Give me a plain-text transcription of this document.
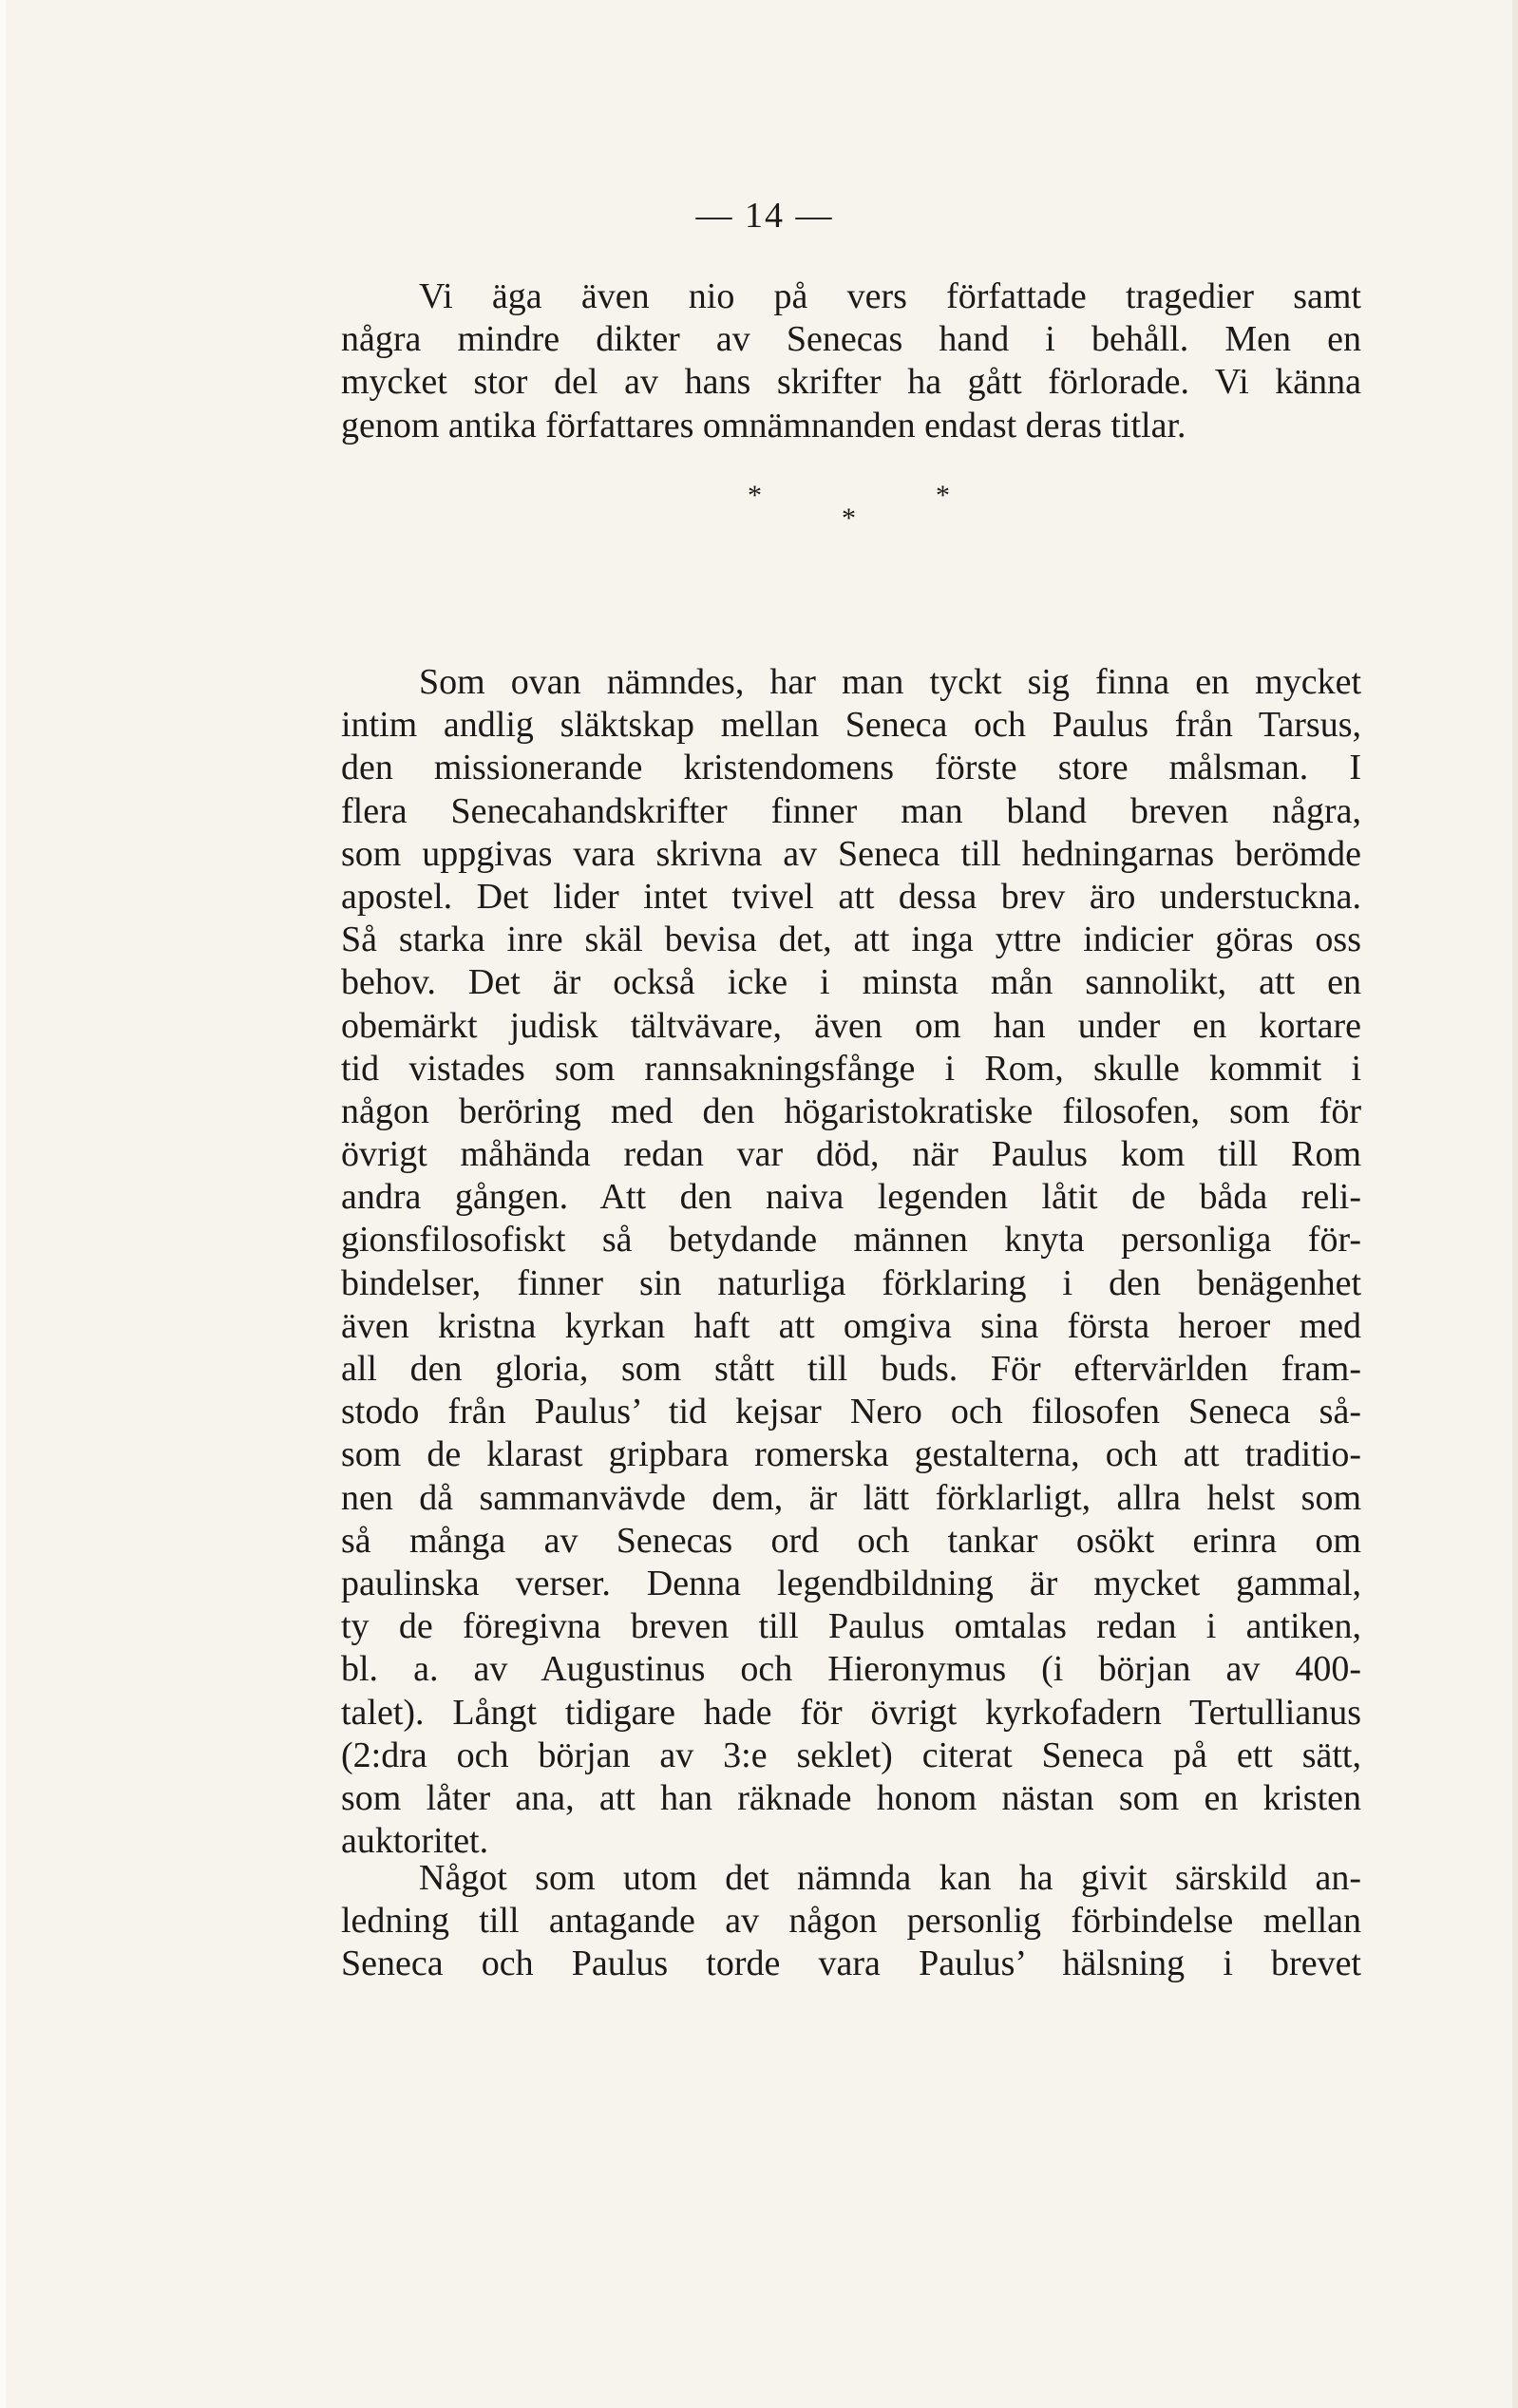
— 14 —
Vi äga även nio på vers författade tragedier samt
några mindre dikter av Senecas hand i behåll. Men en
mycket stor del av hans skrifter ha gått förlorade. Vi känna
genom antika författares omnämnanden endast deras titlar.
*
*
*
Som ovan nämndes, har man tyckt sig finna en mycket
intim andlig släktskap mellan Seneca och Paulus från Tarsus,
den missionerande kristendomens förste store målsman. I
flera Senecahandskrifter finner man bland breven några,
som uppgivas vara skrivna av Seneca till hedningarnas berömde
apostel. Det lider intet tvivel att dessa brev äro understuckna.
Så starka inre skäl bevisa det, att inga yttre indicier göras oss
behov. Det är också icke i minsta mån sannolikt, att en
obemärkt judisk tältvävare, även om han under en kortare
tid vistades som rannsakningsfånge i Rom, skulle kommit i
någon beröring med den högaristokratiske filosofen, som för
övrigt måhända redan var död, när Paulus kom till Rom
andra gången. Att den naiva legenden låtit de båda reli-
gionsfilosofiskt så betydande männen knyta personliga för-
bindelser, finner sin naturliga förklaring i den benägenhet
även kristna kyrkan haft att omgiva sina första heroer med
all den gloria, som stått till buds. För eftervärlden fram-
stodo från Paulus’ tid kejsar Nero och filosofen Seneca så-
som de klarast gripbara romerska gestalterna, och att traditio-
nen då sammanvävde dem, är lätt förklarligt, allra helst som
så många av Senecas ord och tankar osökt erinra om
paulinska verser. Denna legendbildning är mycket gammal,
ty de föregivna breven till Paulus omtalas redan i antiken,
bl. a. av Augustinus och Hieronymus (i början av 400-
talet). Långt tidigare hade för övrigt kyrkofadern Tertullianus
(2:dra och början av 3:e seklet) citerat Seneca på ett sätt,
som låter ana, att han räknade honom nästan som en kristen
auktoritet.
Något som utom det nämnda kan ha givit särskild an-
ledning till antagande av någon personlig förbindelse mellan
Seneca och Paulus torde vara Paulus’ hälsning i brevet
